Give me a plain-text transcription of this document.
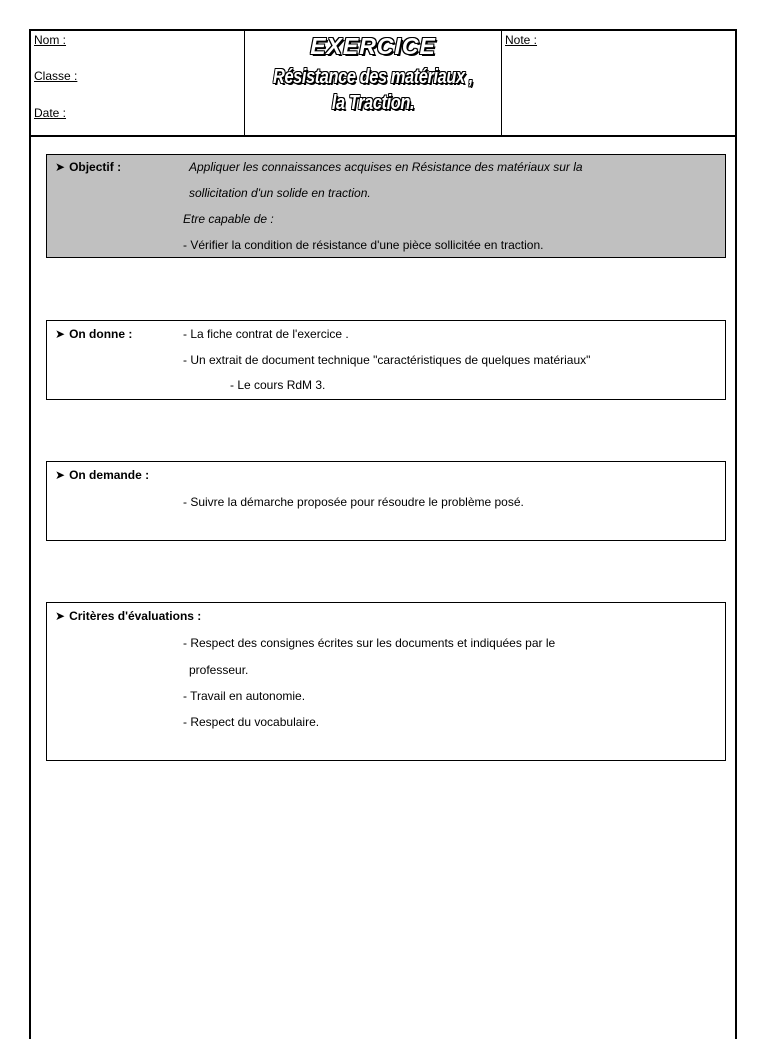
Nom :
Classe :
Date :
EXERCICE
Résistance des matériaux ,
la Traction.
Note :
➤ Objectif :	Appliquer les connaissances acquises en Résistance des matériaux sur la
sollicitation d'un solide en traction.
Etre capable de :
- Vérifier la condition de résistance d'une pièce sollicitée en traction.
➤ On donne :	- La fiche contrat de l'exercice .
- Un extrait de document technique "caractéristiques de quelques matériaux"
- Le cours RdM 3.
➤ On demande :
- Suivre la démarche proposée pour résoudre le problème posé.
➤ Critères d'évaluations :
- Respect des consignes écrites sur les documents et indiquées par le
professeur.
- Travail en autonomie.
- Respect du vocabulaire.
